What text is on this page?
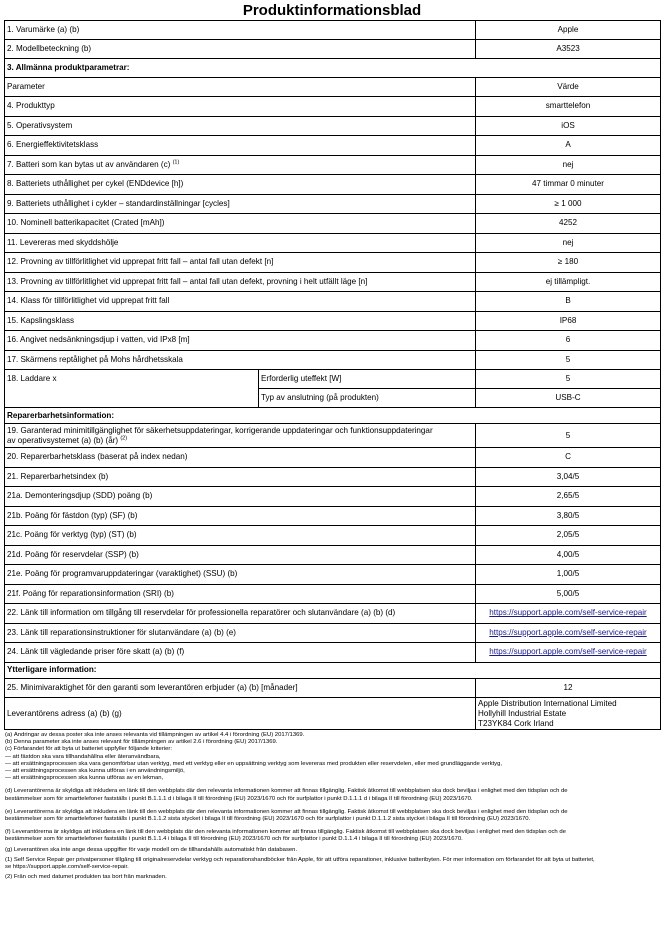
Produktinformationsblad
1. Varumärke (a) (b)		Apple
2. Modellbeteckning (b)		A3523
3. Allmänna produktparametrar:		
Parameter		Värde
4. Produkttyp		smarttelefon
5. Operativsystem		iOS
6. Energieffektivitetsklass		A
7. Batteri som kan bytas ut av användaren (c) $^{(1)}$		nej
8. Batteriets uthållighet per cykel (ENDdevice [h])		47 timmar 0 minuter
9. Batteriets uthållighet i cykler – standardinställningar [cycles]		≥ 1 000
10. Nominell batterikapacitet (Crated [mAh])		4252
11. Levereras med skyddshölje		nej
12. Provning av tillförlitlighet vid upprepat fritt fall – antal fall utan defekt [n]		≥ 180
13. Provning av tillförlitlighet vid upprepat fritt fall – antal fall utan defekt, provning i helt utfällt läge [n]		ej tillämpligt.
14. Klass för tillförlitlighet vid upprepat fritt fall		B
15. Kapslingsklass		IP68
16. Angivet nedsänkningsdjup i vatten, vid IPx8 [m]		6
17. Skärmens reptålighet på Mohs hårdhetsskala		5
18. Laddare x	Erforderlig uteffekt [W]	5
	Typ av anslutning (på produkten)	USB-C
Reparerbarhetsinformation:		

19. Garanterad minimitillgänglighet för säkerhetsuppdateringar, korrigerande uppdateringar och funktionsuppdateringar
av operativsystemet (a) (b) (år) $^{(2)}$		5
20. Reparerbarhetsklass (baserat på index nedan)		C
21. Reparerbarhetsindex (b)		3,04/5
21a. Demonteringsdjup (SDD) poäng (b)		2,65/5
21b. Poäng för fästdon (typ) (SF) (b)		3,80/5
21c. Poäng för verktyg (typ) (ST) (b)		2,05/5
21d. Poäng för reservdelar (SSP) (b)		4,00/5
21e. Poäng för programvaruppdateringar (varaktighet) (SSU) (b)		1,00/5
21f. Poäng för reparationsinformation (SRI) (b)		5,00/5
22. Länk till information om tillgång till reservdelar för professionella reparatörer och slutanvändare (a) (b) (d)		https://support.apple.com/self-service-repair
23. Länk till reparationsinstruktioner för slutanvändare (a) (b) (e)		https://support.apple.com/self-service-repair
24. Länk till vägledande priser före skatt (a) (b) (f)		https://support.apple.com/self-service-repair
Ytterligare information:		
25. Minimivaraktighet för den garanti som leverantören erbjuder (a) (b) [månader]		12
Leverantörens adress (a) (b) (g)		Apple Distribution International Limited
Hollyhill Industrial Estate
T23YK84 Cork Irland
(a) Ändringar av dessa poster ska inte anses relevanta vid tillämpningen av artikel 4.4 i förordning (EU) 2017/1369.
(b) Denna parameter ska inte anses relevant för tillämpningen av artikel 2.6 i förordning (EU) 2017/1369.
(c) Förfarandet för att byta ut batteriet uppfyller följande kriterier:
— att fästdon ska vara tillhandahållna eller återanvändbara,
— att ersättningsprocessen ska vara genomförbar utan verktyg, med ett verktyg eller en uppsättning verktyg som levereras med produkten eller reservdelen, eller med grundläggande verktyg,
— att ersättningsprocessen ska kunna utföras i en användningsmiljö,
— att ersättningsprocessen ska kunna utföras av en lekman,
(d) Leverantörerna är skyldiga att inkludera en länk till den webbplats där den relevanta informationen kommer att finnas tillgänglig. Faktisk åtkomst till webbplatsen ska dock beviljas i enlighet med den tidsplan och de
bestämmelser som för smarttelefoner fastställs i punkt B.1.1.1 d i bilaga II till förordning (EU) 2023/1670 och för surfplattor i punkt D.1.1.1 d i bilaga II till förordning (EU) 2023/1670.
(e) Leverantörerna är skyldiga att inkludera en länk till den webbplats där den relevanta informationen kommer att finnas tillgänglig. Faktisk åtkomst till webbplatsen ska dock beviljas i enlighet med den tidsplan och de
bestämmelser som för smarttelefoner fastställs i punkt B.1.1.2 sista stycket i bilaga II till förordning (EU) 2023/1670 och för surfplattor i punkt D.1.1.2 sista stycket i bilaga II till förordning (EU) 2023/1670.
(f) Leverantörerna är skyldiga att inkludera en länk till den webbplats där den relevanta informationen kommer att finnas tillgänglig. Faktisk åtkomst till webbplatsen ska dock beviljas i enlighet med den tidsplan och de
bestämmelser som för smarttelefoner fastställs i punkt B.1.1.4 i bilaga II till förordning (EU) 2023/1670 och för surfplattor i punkt D.1.1.4 i bilaga II till förordning (EU) 2023/1670.
(g) Leverantören ska inte ange dessa uppgifter för varje modell om de tillhandahålls automatiskt från databasen.
(1) Self Service Repair ger privatpersoner tillgång till originalreservdelar verktyg och reparationshandböcker från Apple, för att utföra reparationer, inklusive batteribyten. För mer information om förfarandet för att byta ut batteriet,
se https://support.apple.com/self-service-repair.
(2) Från och med datumet produkten tas bort från marknaden.
